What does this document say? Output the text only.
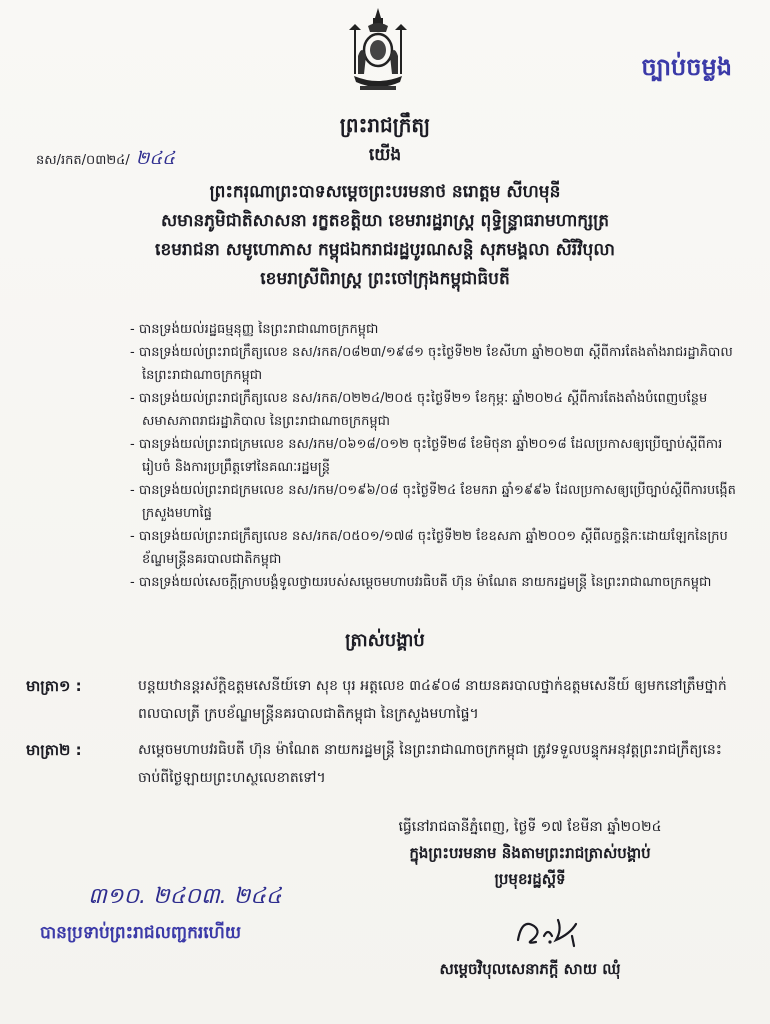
ច្បាប់ចម្លង
ព្រះរាជក្រឹត្យ
នស/រកត/០៣២៤/ ២៤៤	យើង
ព្រះករុណាព្រះបាទសម្តេចព្រះបរមនាថ នរោត្តម សីហមុនី
សមានភូមិជាតិសាសនា រក្ខតខត្តិយា ខេមរារដ្ឋរាស្ត្រ ពុទ្ធិន្ទ្រាធរាមហាក្សត្រ
ខេមរាជនា សមូហោភាស កម្ពុជឯករាជរដ្ឋបូរណសន្តិ សុភមង្គលា សិរីវិបុលា
ខេមរាស្រីពិរាស្ត្រ ព្រះចៅក្រុងកម្ពុជាធិបតី

- បានទ្រង់យល់រដ្ឋធម្មនុញ្ញ នៃព្រះរាជាណាចក្រកម្ពុជា

- បានទ្រង់យល់ព្រះរាជក្រឹត្យលេខ នស/រកត/០៨២៣/១៩៨១ ចុះថ្ងៃទី២២ ខែសីហា ឆ្នាំ២០២៣ ស្តីពីការតែងតាំងរាជរដ្ឋាភិបាល នៃព្រះរាជាណាចក្រកម្ពុជា

- បានទ្រង់យល់ព្រះរាជក្រឹត្យលេខ នស/រកត/០២២៤/២០៥ ចុះថ្ងៃទី២១ ខែកុម្ភៈ ឆ្នាំ២០២៤ ស្តីពីការតែងតាំងបំពេញបន្ថែមសមាសភាពរាជរដ្ឋាភិបាល នៃព្រះរាជាណាចក្រកម្ពុជា

- បានទ្រង់យល់ព្រះរាជក្រមលេខ នស/រកម/០៦១៨/០១២ ចុះថ្ងៃទី២៨ ខែមិថុនា ឆ្នាំ២០១៨ ដែលប្រកាសឲ្យប្រើច្បាប់ស្តីពីការរៀបចំ និងការប្រព្រឹត្តទៅនៃគណៈរដ្ឋមន្ត្រី

- បានទ្រង់យល់ព្រះរាជក្រមលេខ នស/រកម/០១៩៦/០៨ ចុះថ្ងៃទី២៤ ខែមករា ឆ្នាំ១៩៩៦ ដែលប្រកាសឲ្យប្រើច្បាប់ស្តីពីការបង្កើតក្រសួងមហាផ្ទៃ

- បានទ្រង់យល់ព្រះរាជក្រឹត្យលេខ នស/រកត/០៥០១/១៧៨ ចុះថ្ងៃទី២២ ខែឧសភា ឆ្នាំ២០០១ ស្តីពីលក្ខន្តិកៈដោយឡែកនៃក្របខ័ណ្ឌមន្ត្រីនគរបាលជាតិកម្ពុជា

- បានទ្រង់យល់សេចក្តីក្រាបបង្គំទូលថ្វាយរបស់សម្តេចមហាបវរធិបតី ហ៊ុន ម៉ាណែត នាយករដ្ឋមន្ត្រី នៃព្រះរាជាណាចក្រកម្ពុជា

ត្រាស់បង្គាប់
មាត្រា១ :	បន្តយឋានន្តរស័ក្តិឧត្តមសេនីយ៍ទោ សុខ បុរ អត្តលេខ ៣៤៩០៨ នាយនគរបាលថ្នាក់ឧត្តមសេនីយ៍ ឲ្យមកនៅត្រឹមថ្នាក់ ពលបាលត្រី ក្របខ័ណ្ឌមន្ត្រីនគរបាលជាតិកម្ពុជា នៃក្រសួងមហាផ្ទៃ។
មាត្រា២ :	សម្តេចមហាបវរធិបតី ហ៊ុន ម៉ាណែត នាយករដ្ឋមន្ត្រី នៃព្រះរាជាណាចក្រកម្ពុជា ត្រូវទទួលបន្ទុកអនុវត្តព្រះរាជក្រឹត្យនេះ ចាប់ពីថ្ងៃឡាយព្រះហស្ថលេខាតទៅ។
ធ្វើនៅរាជធានីភ្នំពេញ, ថ្ងៃទី ១៧ ខែមីនា ឆ្នាំ២០២៤
ក្នុងព្រះបរមនាម និងតាមព្រះរាជត្រាស់បង្គាប់
ប្រមុខរដ្ឋស្តីទី
សម្តេចវិបុលសេនាភក្តី សាយ ឈុំ
៣១០. ២៤០៣. ២៤៤
បានប្រទាប់ព្រះរាជលញ្ជករហើយ
